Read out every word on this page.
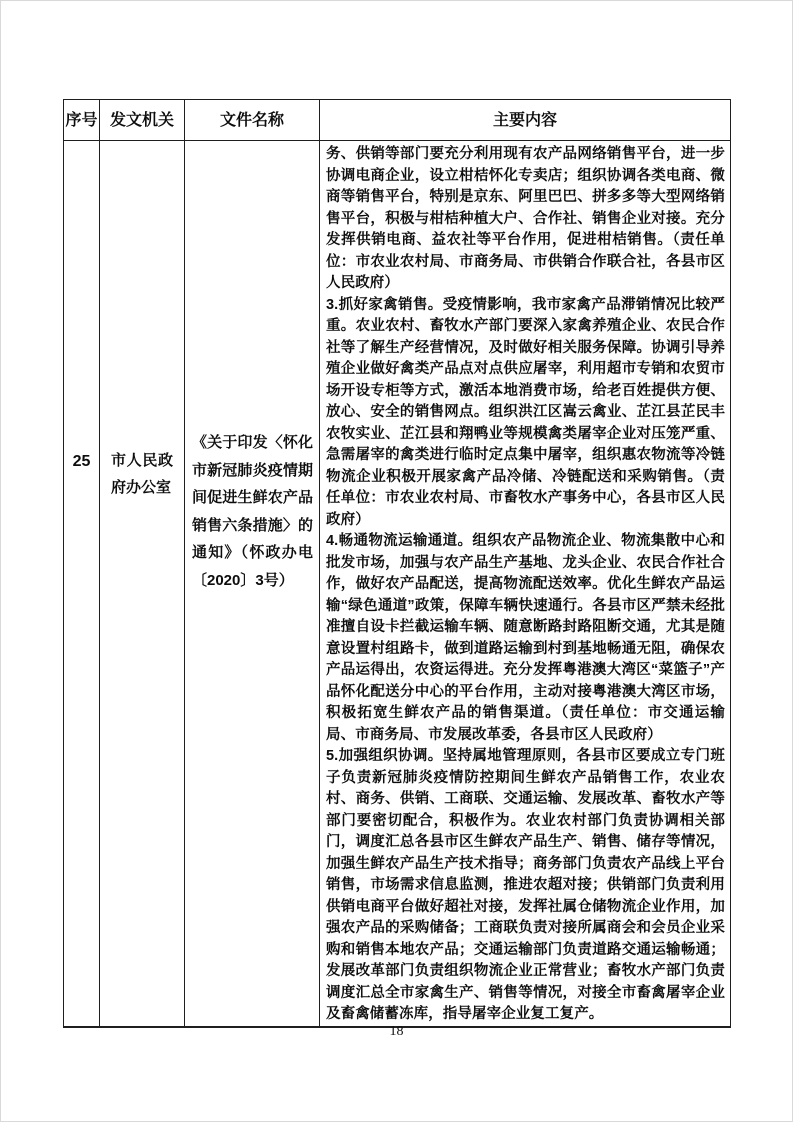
序号	发文机关	文件名称	主要内容

25	市人民政府办公室	《关于印发〈怀化市新冠肺炎疫情期间促进生鲜农产品销售六条措施〉的通知》（怀政办电〔2020〕3号）	务、供销等部门要充分利用现有农产品网络销售平台，进一步协调电商企业，设立柑桔怀化专卖店；组织协调各类电商、微商等销售平台，特别是京东、阿里巴巴、拼多多等大型网络销售平台，积极与柑桔种植大户、合作社、销售企业对接。充分发挥供销电商、益农社等平台作用，促进柑桔销售。（责任单位：市农业农村局、市商务局、市供销合作联合社，各县市区人民政府）

3.抓好家禽销售。受疫情影响，我市家禽产品滞销情况比较严重。农业农村、畜牧水产部门要深入家禽养殖企业、农民合作社等了解生产经营情况，及时做好相关服务保障。协调引导养殖企业做好禽类产品点对点供应屠宰，利用超市专销和农贸市场开设专柜等方式，激活本地消费市场，给老百姓提供方便、放心、安全的销售网点。组织洪江区嵩云禽业、芷江县芷民丰农牧实业、芷江县和翔鸭业等规模禽类屠宰企业对压笼严重、急需屠宰的禽类进行临时定点集中屠宰，组织惠农物流等冷链物流企业积极开展家禽产品冷储、冷链配送和采购销售。（责任单位：市农业农村局、市畜牧水产事务中心，各县市区人民政府）

4.畅通物流运输通道。组织农产品物流企业、物流集散中心和批发市场，加强与农产品生产基地、龙头企业、农民合作社合作，做好农产品配送，提高物流配送效率。优化生鲜农产品运输“绿色通道”政策，保障车辆快速通行。各县市区严禁未经批准擅自设卡拦截运输车辆、随意断路封路阻断交通，尤其是随意设置村组路卡，做到道路运输到村到基地畅通无阻，确保农产品运得出，农资运得进。充分发挥粤港澳大湾区“菜篮子”产品怀化配送分中心的平台作用，主动对接粤港澳大湾区市场，积极拓宽生鲜农产品的销售渠道。（责任单位：市交通运输局、市商务局、市发展改革委，各县市区人民政府）

5.加强组织协调。坚持属地管理原则，各县市区要成立专门班子负责新冠肺炎疫情防控期间生鲜农产品销售工作，农业农村、商务、供销、工商联、交通运输、发展改革、畜牧水产等部门要密切配合，积极作为。农业农村部门负责协调相关部门，调度汇总各县市区生鲜农产品生产、销售、储存等情况，加强生鲜农产品生产技术指导；商务部门负责农产品线上平台销售，市场需求信息监测，推进农超对接；供销部门负责利用供销电商平台做好超社对接，发挥社属仓储物流企业作用，加强农产品的采购储备；工商联负责对接所属商会和会员企业采购和销售本地农产品；交通运输部门负责道路交通运输畅通；发展改革部门负责组织物流企业正常营业；畜牧水产部门负责调度汇总全市家禽生产、销售等情况，对接全市畜禽屠宰企业及畜禽储蓄冻库，指导屠宰企业复工复产。

18
